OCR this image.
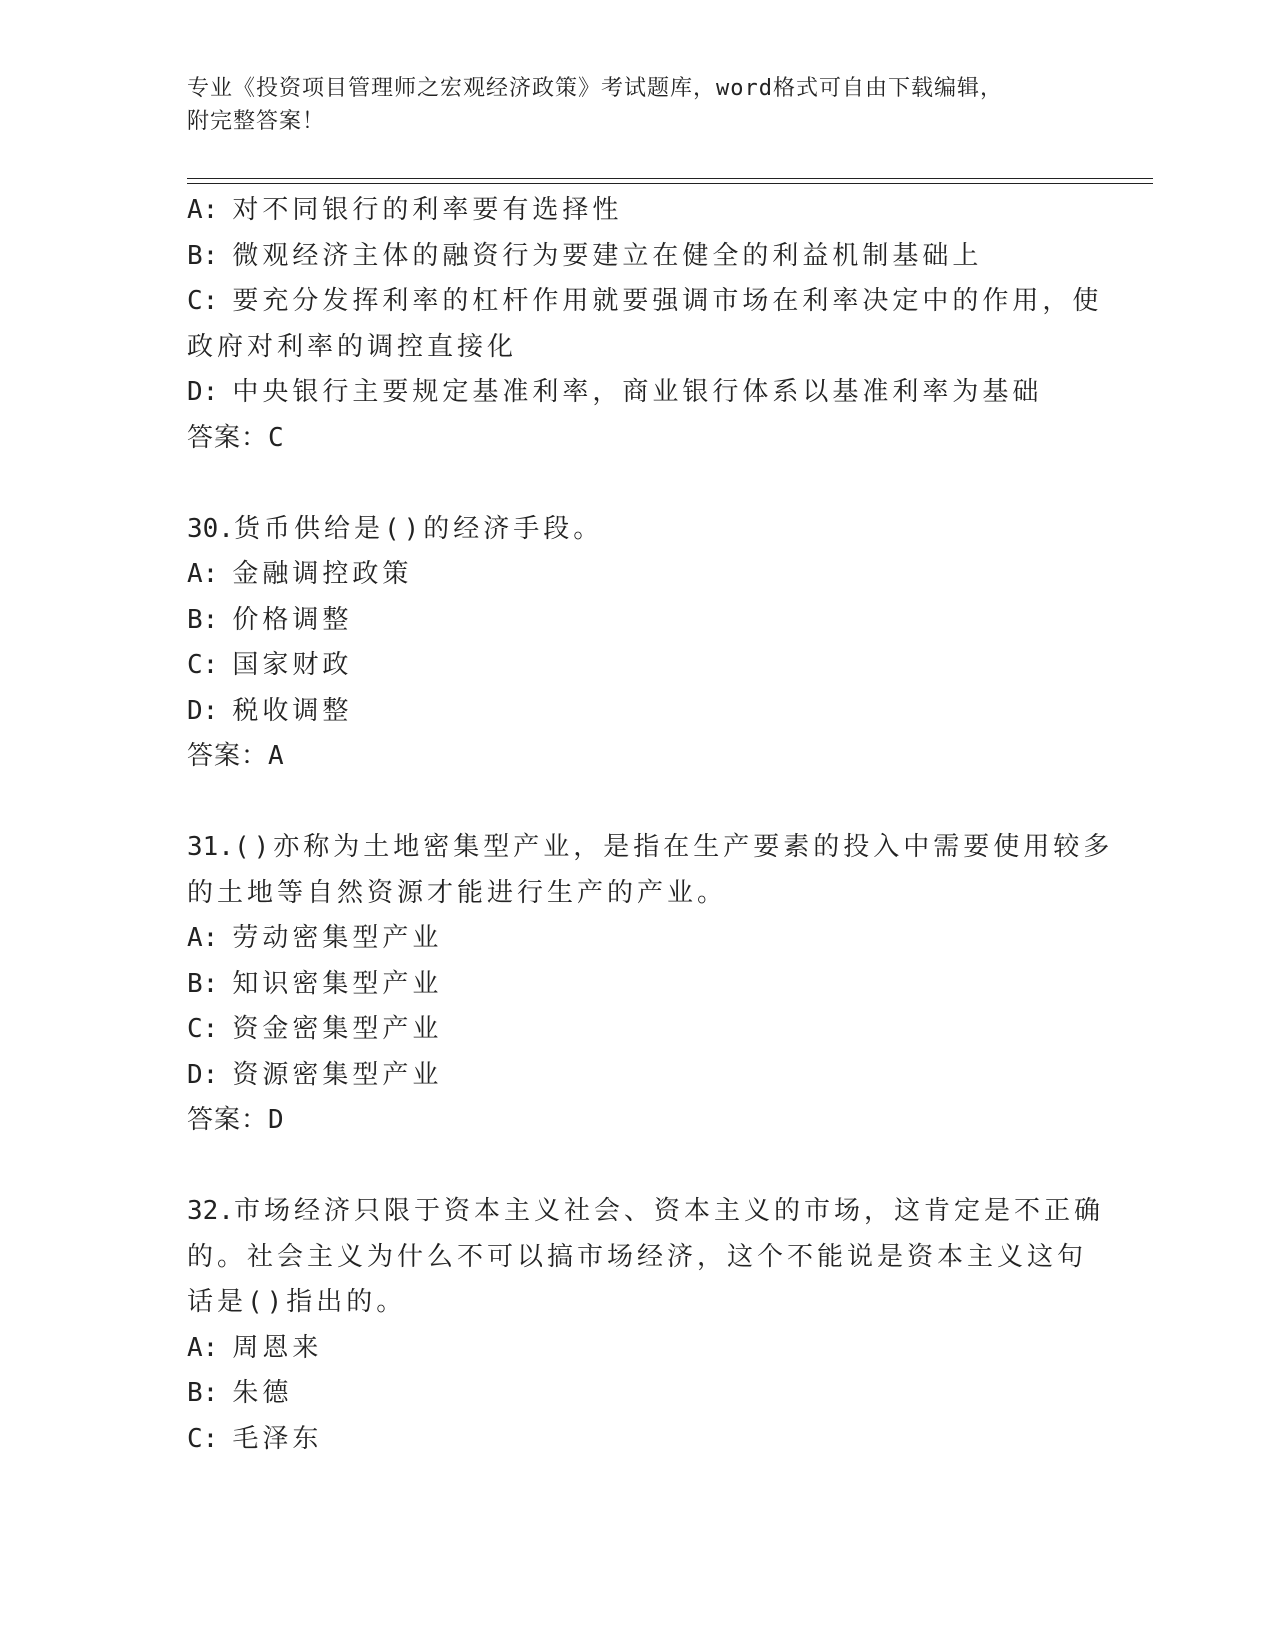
专业《投资项目管理师之宏观经济政策》考试题库，word格式可自由下载编辑，
附完整答案！
A: 对不同银行的利率要有选择性
B: 微观经济主体的融资行为要建立在健全的利益机制基础上
C: 要充分发挥利率的杠杆作用就要强调市场在利率决定中的作用，使
政府对利率的调控直接化
D: 中央银行主要规定基准利率，商业银行体系以基准利率为基础
答案：C
30.货币供给是()的经济手段。
A: 金融调控政策
B: 价格调整
C: 国家财政
D: 税收调整
答案：A
31.()亦称为土地密集型产业，是指在生产要素的投入中需要使用较多
的土地等自然资源才能进行生产的产业。
A: 劳动密集型产业
B: 知识密集型产业
C: 资金密集型产业
D: 资源密集型产业
答案：D
32.市场经济只限于资本主义社会、资本主义的市场，这肯定是不正确
的。社会主义为什么不可以搞市场经济，这个不能说是资本主义这句
话是()指出的。
A: 周恩来
B: 朱德
C: 毛泽东
